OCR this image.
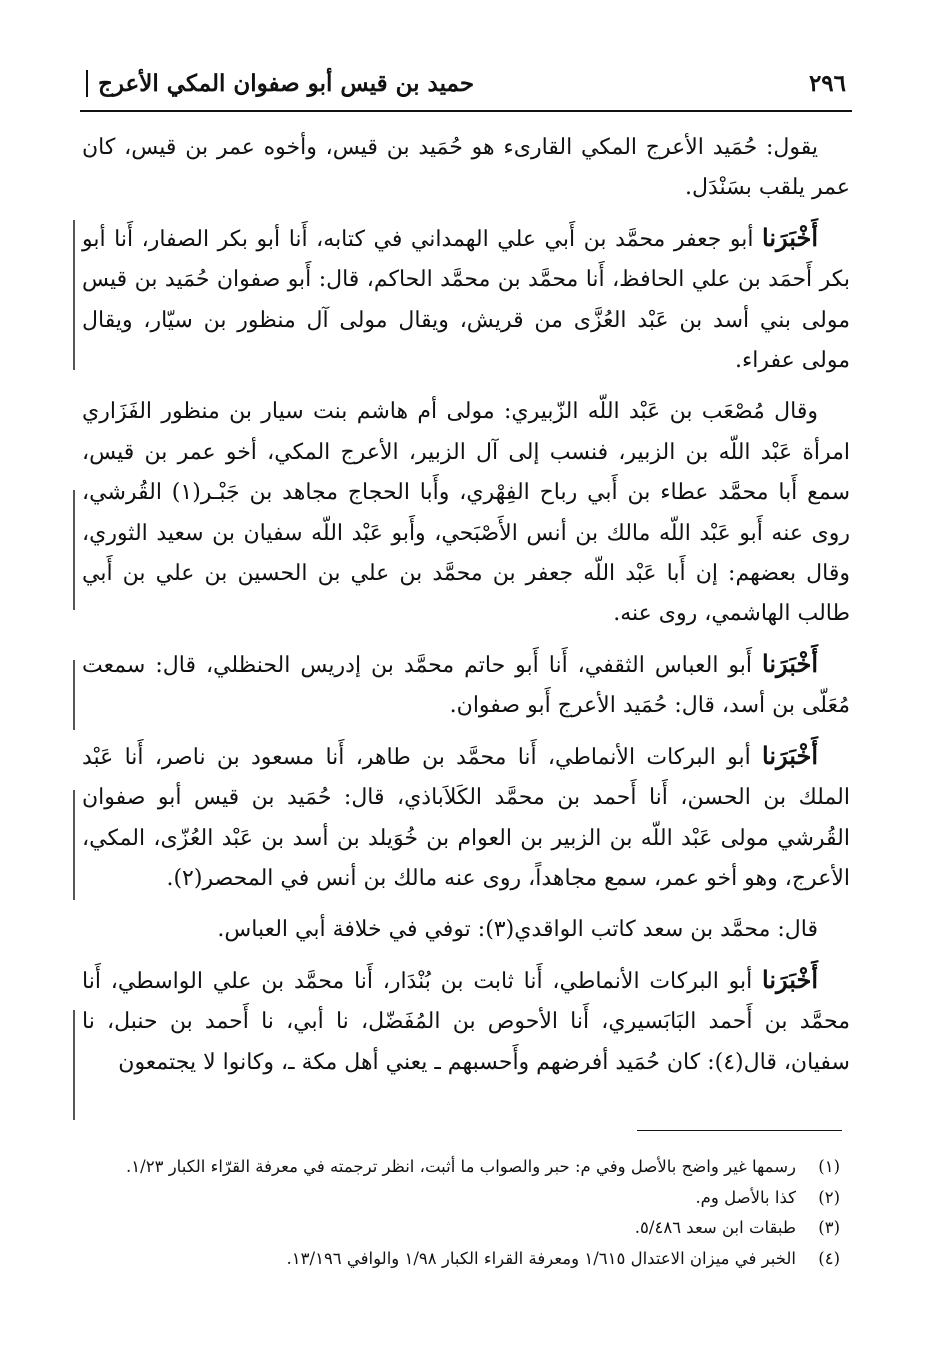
٢٩٦
حميد بن قيس أبو صفوان المكي الأعرج

يقول: حُمَيد الأعرج المكي القارىء هو حُمَيد بن قيس، وأخوه عمر بن قيس، كان عمر يلقب بسَنْدَل.

أَخْبَرَنا أبو جعفر محمَّد بن أَبي علي الهمداني في كتابه، أَنا أبو بكر الصفار، أَنا أبو بكر أَحمَد بن علي الحافظ، أَنا محمَّد بن محمَّد الحاكم، قال: أَبو صفوان حُمَيد بن قيس مولى بني أسد بن عَبْد العُزَّى من قريش، ويقال مولى آل منظور بن سيّار، ويقال مولى عفراء.

وقال مُصْعَب بن عَبْد اللّه الزّبيري: مولى أم هاشم بنت سيار بن منظور الفَزَاري امرأة عَبْد اللّه بن الزبير، فنسب إلى آل الزبير، الأعرج المكي، أخو عمر بن قيس، سمع أَبا محمَّد عطاء بن أَبي رباح الفِهْري، وأَبا الحجاج مجاهد بن جَبْـر(١) القُرشي، روى عنه أَبو عَبْد اللّه مالك بن أنس الأَصْبَحي، وأَبو عَبْد اللّه سفيان بن سعيد الثوري، وقال بعضهم: إن أَبا عَبْد اللّه جعفر بن محمَّد بن علي بن الحسين بن علي بن أَبي طالب الهاشمي، روى عنه.

أَخْبَرَنا أَبو العباس الثقفي، أَنا أَبو حاتم محمَّد بن إدريس الحنظلي، قال: سمعت مُعَلّى بن أسد، قال: حُمَيد الأعرج أَبو صفوان.

أَخْبَرَنا أبو البركات الأنماطي، أَنا محمَّد بن طاهر، أَنا مسعود بن ناصر، أَنا عَبْد الملك بن الحسن، أَنا أَحمد بن محمَّد الكَلاَباذي، قال: حُمَيد بن قيس أبو صفوان القُرشي مولى عَبْد اللّه بن الزبير بن العوام بن خُوَيلد بن أسد بن عَبْد العُزّى، المكي، الأعرج، وهو أخو عمر، سمع مجاهداً، روى عنه مالك بن أنس في المحصر(٢).

قال: محمَّد بن سعد كاتب الواقدي(٣): توفي في خلافة أبي العباس.

أَخْبَرَنا أبو البركات الأنماطي، أَنا ثابت بن بُنْدَار، أَنا محمَّد بن علي الواسطي، أَنا محمَّد بن أَحمد البَابَسيري، أَنا الأحوص بن المُفَضّل، نا أبي، نا أَحمد بن حنبل، نا سفيان، قال(٤): كان حُمَيد أفرضهم وأَحسبهم ـ يعني أهل مكة ـ، وكانوا لا يجتمعون

(١)
رسمها غير واضح بالأصل وفي م: حبر والصواب ما أثبت، انظر ترجمته في معرفة القرّاء الكبار ١/٢٣.
(٢)
كذا بالأصل وم.
(٣)
طبقات ابن سعد ٥/٤٨٦.
(٤)
الخبر في ميزان الاعتدال ١/٦١٥ ومعرفة القراء الكبار ١/٩٨ والوافي ١٣/١٩٦.
